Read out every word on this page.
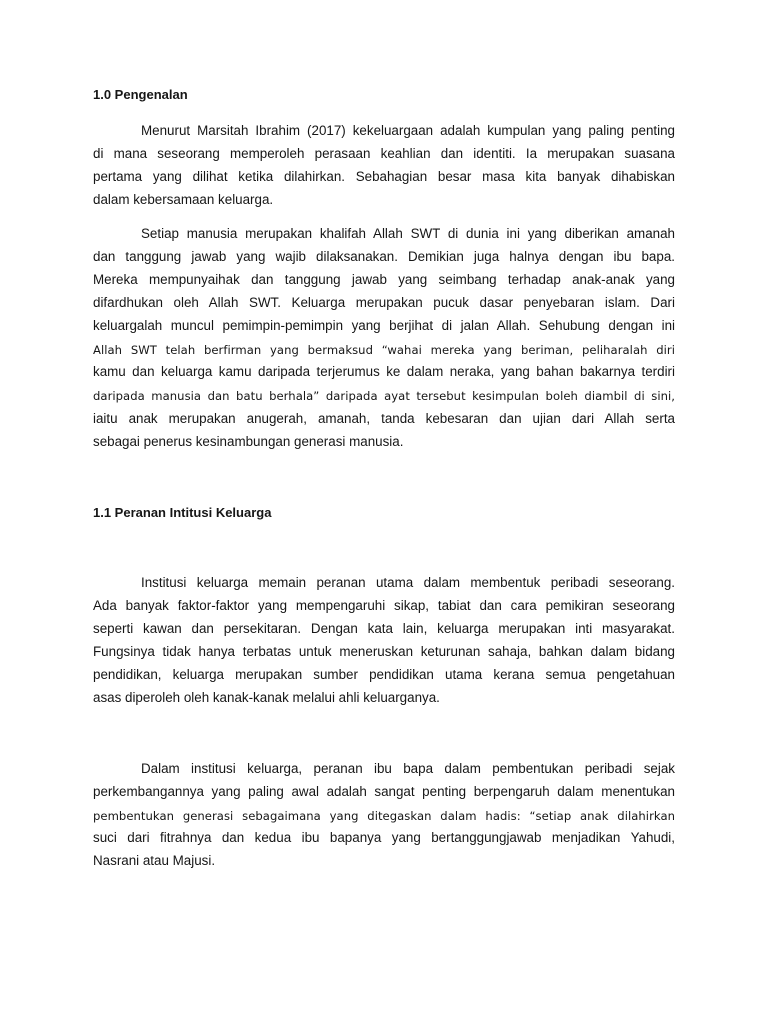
1.0 Pengenalan
Menurut Marsitah Ibrahim (2017) kekeluargaan adalah kumpulan yang paling penting
di mana seseorang memperoleh perasaan keahlian dan identiti. Ia merupakan suasana
pertama yang dilihat ketika dilahirkan. Sebahagian besar masa kita banyak dihabiskan
dalam kebersamaan keluarga.
Setiap manusia merupakan khalifah Allah SWT di dunia ini yang diberikan amanah
dan tanggung jawab yang wajib dilaksanakan. Demikian juga halnya dengan ibu bapa.
Mereka mempunyaihak dan tanggung jawab yang seimbang terhadap anak-anak yang
difardhukan oleh Allah SWT. Keluarga merupakan pucuk dasar penyebaran islam. Dari
keluargalah muncul pemimpin-pemimpin yang berjihat di jalan Allah. Sehubung dengan ini
Allah SWT telah berfirman yang bermaksud “wahai mereka yang beriman, peliharalah diri
kamu dan keluarga kamu daripada terjerumus ke dalam neraka, yang bahan bakarnya terdiri
daripada manusia dan batu berhala” daripada ayat tersebut kesimpulan boleh diambil di sini,
iaitu anak merupakan anugerah, amanah, tanda kebesaran dan ujian dari Allah serta
sebagai penerus kesinambungan generasi manusia.
1.1 Peranan Intitusi Keluarga
Institusi keluarga memain peranan utama dalam membentuk peribadi seseorang.
Ada banyak faktor-faktor yang mempengaruhi sikap, tabiat dan cara pemikiran seseorang
seperti kawan dan persekitaran. Dengan kata lain, keluarga merupakan inti masyarakat.
Fungsinya tidak hanya terbatas untuk meneruskan keturunan sahaja, bahkan dalam bidang
pendidikan, keluarga merupakan sumber pendidikan utama kerana semua pengetahuan
asas diperoleh oleh kanak-kanak melalui ahli keluarganya.
Dalam institusi keluarga, peranan ibu bapa dalam pembentukan peribadi sejak
perkembangannya yang paling awal adalah sangat penting berpengaruh dalam menentukan
pembentukan generasi sebagaimana yang ditegaskan dalam hadis: “setiap anak dilahirkan
suci dari fitrahnya dan kedua ibu bapanya yang bertanggungjawab menjadikan Yahudi,
Nasrani atau Majusi.
